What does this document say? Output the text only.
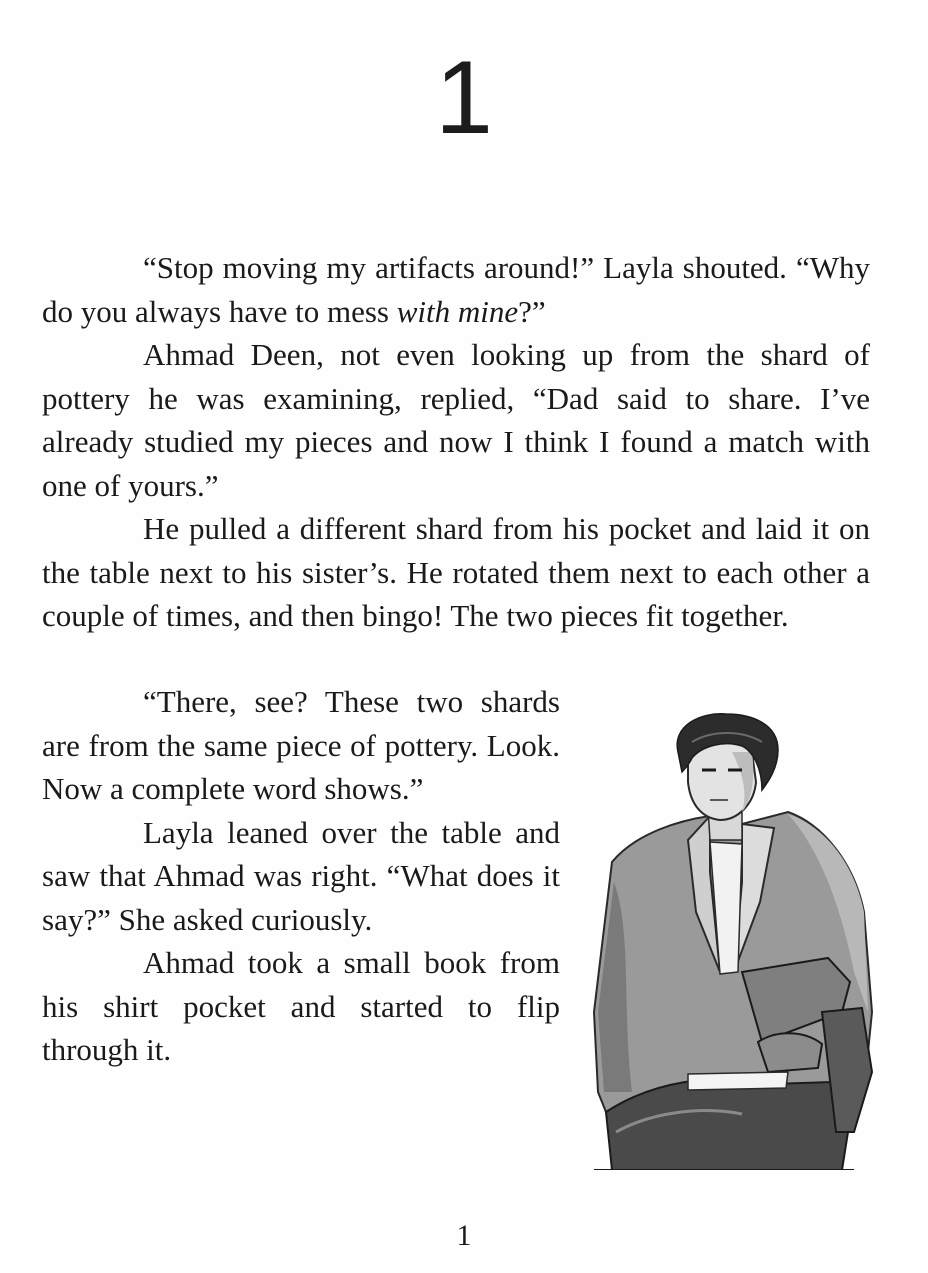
1

“Stop moving my artifacts around!” Layla shouted. “Why do you always have to mess with mine?”

Ahmad Deen, not even looking up from the shard of pottery he was examining, replied, “Dad said to share. I’ve already studied my pieces and now I think I found a match with one of yours.”

He pulled a different shard from his pocket and laid it on the table next to his sister’s. He rotated them next to each other a couple of times, and then bingo! The two pieces fit together.

“There, see? These two shards are from the same piece of pottery. Look. Now a complete word shows.”

Layla leaned over the table and saw that Ahmad was right. “What does it say?” She asked curiously.

Ahmad took a small book from his shirt pocket and started to flip through it.

1
